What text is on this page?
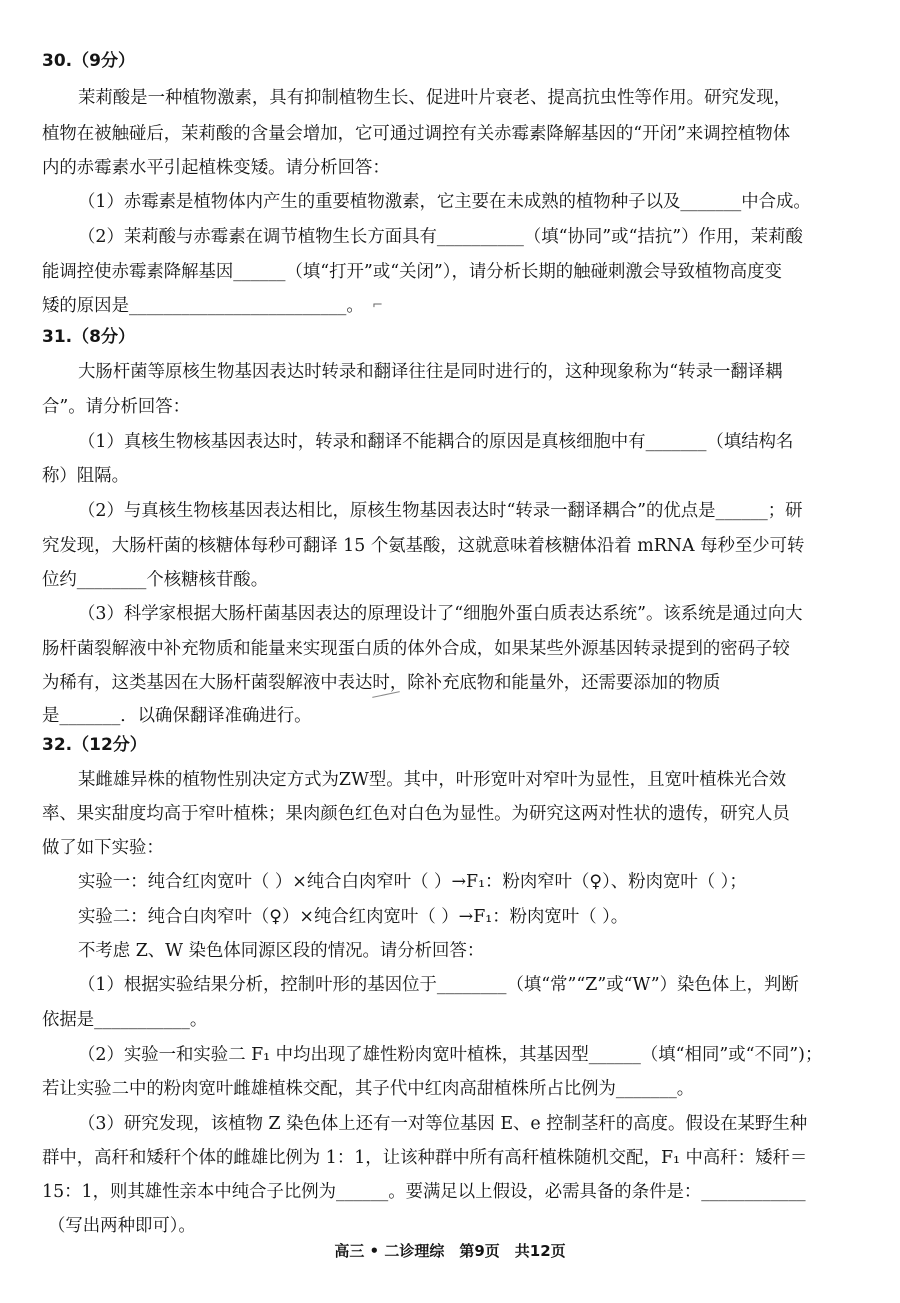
30.（9分）
茉莉酸是一种植物激素，具有抑制植物生长、促进叶片衰老、提高抗虫性等作用。研究发现，
植物在被触碰后，茉莉酸的含量会增加，它可通过调控有关赤霉素降解基因的“开闭”来调控植物体
内的赤霉素水平引起植株变矮。请分析回答：
（1）赤霉素是植物体内产生的重要植物激素，它主要在未成熟的植物种子以及_______中合成。
（2）茉莉酸与赤霉素在调节植物生长方面具有__________（填“协同”或“拮抗”）作用，茉莉酸
能调控使赤霉素降解基因______（填“打开”或“关闭”），请分析长期的触碰刺激会导致植物高度变
矮的原因是_________________________。 ⌐
31.（8分）
大肠杆菌等原核生物基因表达时转录和翻译往往是同时进行的，这种现象称为“转录一翻译耦
合”。请分析回答：
（1）真核生物核基因表达时，转录和翻译不能耦合的原因是真核细胞中有_______（填结构名
称）阻隔。
（2）与真核生物核基因表达相比，原核生物基因表达时“转录一翻译耦合”的优点是______；研
究发现，大肠杆菌的核糖体每秒可翻译 15 个氨基酸，这就意味着核糖体沿着 mRNA 每秒至少可转
位约________个核糖核苷酸。
（3）科学家根据大肠杆菌基因表达的原理设计了“细胞外蛋白质表达系统”。该系统是通过向大
肠杆菌裂解液中补充物质和能量来实现蛋白质的体外合成，如果某些外源基因转录提到的密码子较
为稀有，这类基因在大肠杆菌裂解液中表达时，除补充底物和能量外，还需要添加的物质
是_______．以确保翻译准确进行。
32.（12分）
某雌雄异株的植物性别决定方式为ZW型。其中，叶形宽叶对窄叶为显性，且宽叶植株光合效
率、果实甜度均高于窄叶植株；果肉颜色红色对白色为显性。为研究这两对性状的遗传，研究人员
做了如下实验：
实验一：纯合红肉宽叶（ ）×纯合白肉窄叶（ ）→F₁：粉肉窄叶（♀）、粉肉宽叶（ ）；
实验二：纯合白肉窄叶（♀）×纯合红肉宽叶（ ）→F₁：粉肉宽叶（ ）。
不考虑 Z、W 染色体同源区段的情况。请分析回答：
（1）根据实验结果分析，控制叶形的基因位于________（填“常”“Z”或“W”）染色体上，判断
依据是___________。
（2）实验一和实验二 F₁ 中均出现了雄性粉肉宽叶植株，其基因型______（填“相同”或“不同”)；
若让实验二中的粉肉宽叶雌雄植株交配，其子代中红肉高甜植株所占比例为_______。
（3）研究发现，该植物 Z 染色体上还有一对等位基因 E、e 控制茎秆的高度。假设在某野生种
群中，高秆和矮秆个体的雌雄比例为 1：1，让该种群中所有高秆植株随机交配，F₁ 中高秆：矮秆＝
15：1，则其雄性亲本中纯合子比例为______。要满足以上假设，必需具备的条件是：____________
（写出两种即可）。
高三 • 二诊理综　第9页　共12页
